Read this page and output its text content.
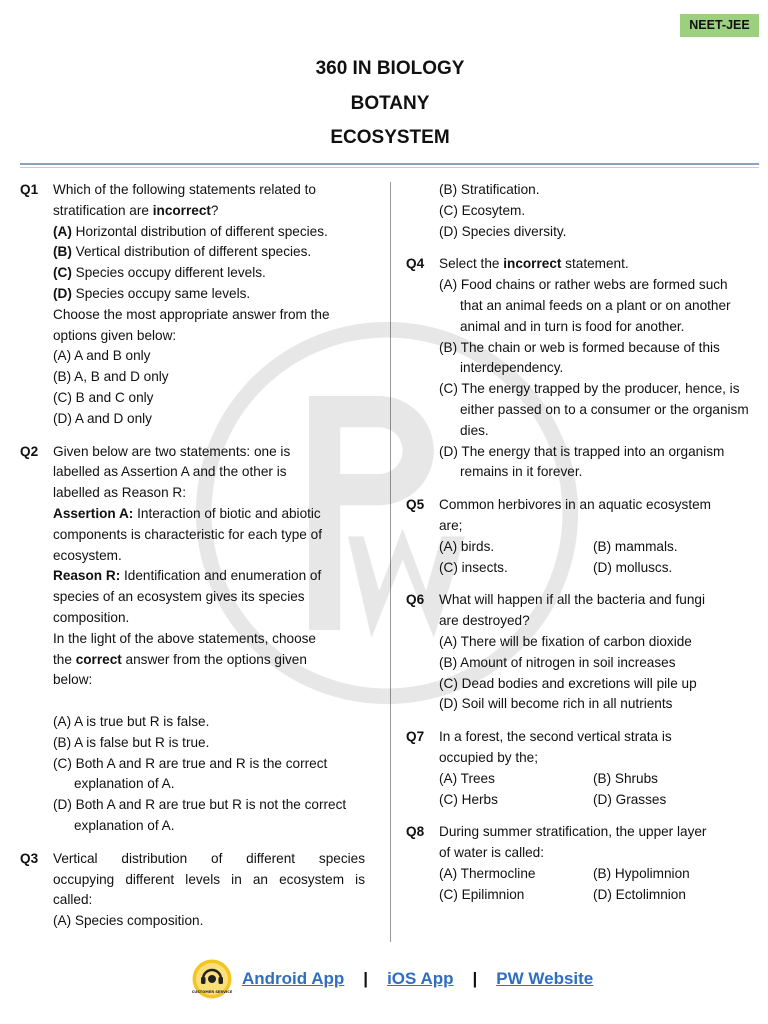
NEET-JEE
360 IN BIOLOGY
BOTANY
ECOSYSTEM
Q1 Which of the following statements related to
stratification are incorrect?
(A) Horizontal distribution of different species.
(B) Vertical distribution of different species.
(C) Species occupy different levels.
(D) Species occupy same levels.
Choose the most appropriate answer from the
options given below:
(A) A and B only
(B) A, B and D only
(C) B and C only
(D) A and D only
Q2 Given below are two statements: one is
labelled as Assertion A and the other is
labelled as Reason R:
Assertion A: Interaction of biotic and abiotic
components is characteristic for each type of
ecosystem.
Reason R: Identification and enumeration of
species of an ecosystem gives its species
composition.
In the light of the above statements, choose
the correct answer from the options given
below:

(A) A is true but R is false.
(B) A is false but R is true.
(C) Both A and R are true and R is the correct explanation of A.
(D) Both A and R are true but R is not the correct explanation of A.
Q3 Vertical distribution of different species
occupying different levels in an ecosystem is
called:
(A) Species composition.
(B) Stratification.
(C) Ecosytem.
(D) Species diversity.
Q4 Select the incorrect statement.
(A) Food chains or rather webs are formed such that an animal feeds on a plant or on another animal and in turn is food for another.
(B) The chain or web is formed because of this interdependency.
(C) The energy trapped by the producer, hence, is either passed on to a consumer or the organism dies.
(D) The energy that is trapped into an organism remains in it forever.
Q5 Common herbivores in an aquatic ecosystem
are;
(A) birds.	(B) mammals.
(C) insects.	(D) molluscs.
Q6 What will happen if all the bacteria and fungi
are destroyed?
(A) There will be fixation of carbon dioxide
(B) Amount of nitrogen in soil increases
(C) Dead bodies and excretions will pile up
(D) Soil will become rich in all nutrients
Q7 In a forest, the second vertical strata is
occupied by the;
(A) Trees	(B) Shrubs
(C) Herbs	(D) Grasses
Q8 During summer stratification, the upper layer
of water is called:
(A) Thermocline	(B) Hypolimnion
(C) Epilimnion	(D) Ectolimnion
CUSTOMER SERVICE
Android App | iOS App | PW Website
